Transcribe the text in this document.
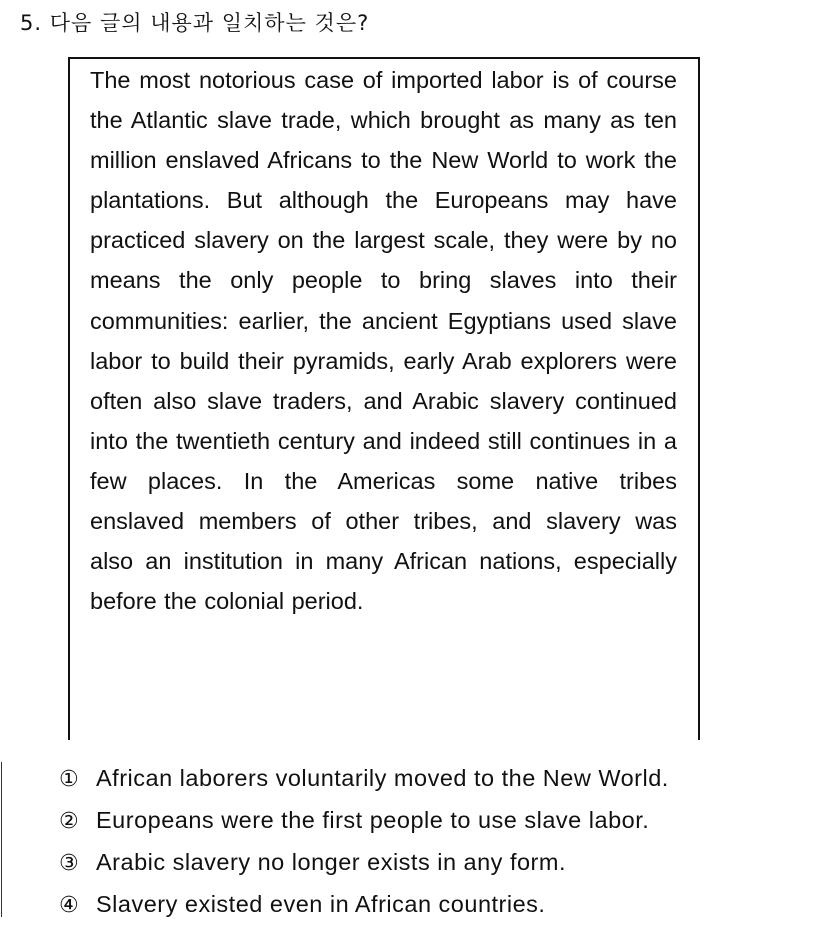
5. 다음 글의 내용과 일치하는 것은?

The most notorious case of imported labor is of course the Atlantic slave trade, which brought as many as ten million enslaved Africans to the New World to work the plantations. But although the Europeans may have practiced slavery on the largest scale, they were by no means the only people to bring slaves into their communities: earlier, the ancient Egyptians used slave labor to build their pyramids, early Arab explorers were often also slave traders, and Arabic slavery continued into the twentieth century and indeed still continues in a few places. In the Americas some native tribes enslaved members of other tribes, and slavery was also an institution in many African nations, especially before the colonial period.

① African laborers voluntarily moved to the New World.
② Europeans were the first people to use slave labor.
③ Arabic slavery no longer exists in any form.
④ Slavery existed even in African countries.
